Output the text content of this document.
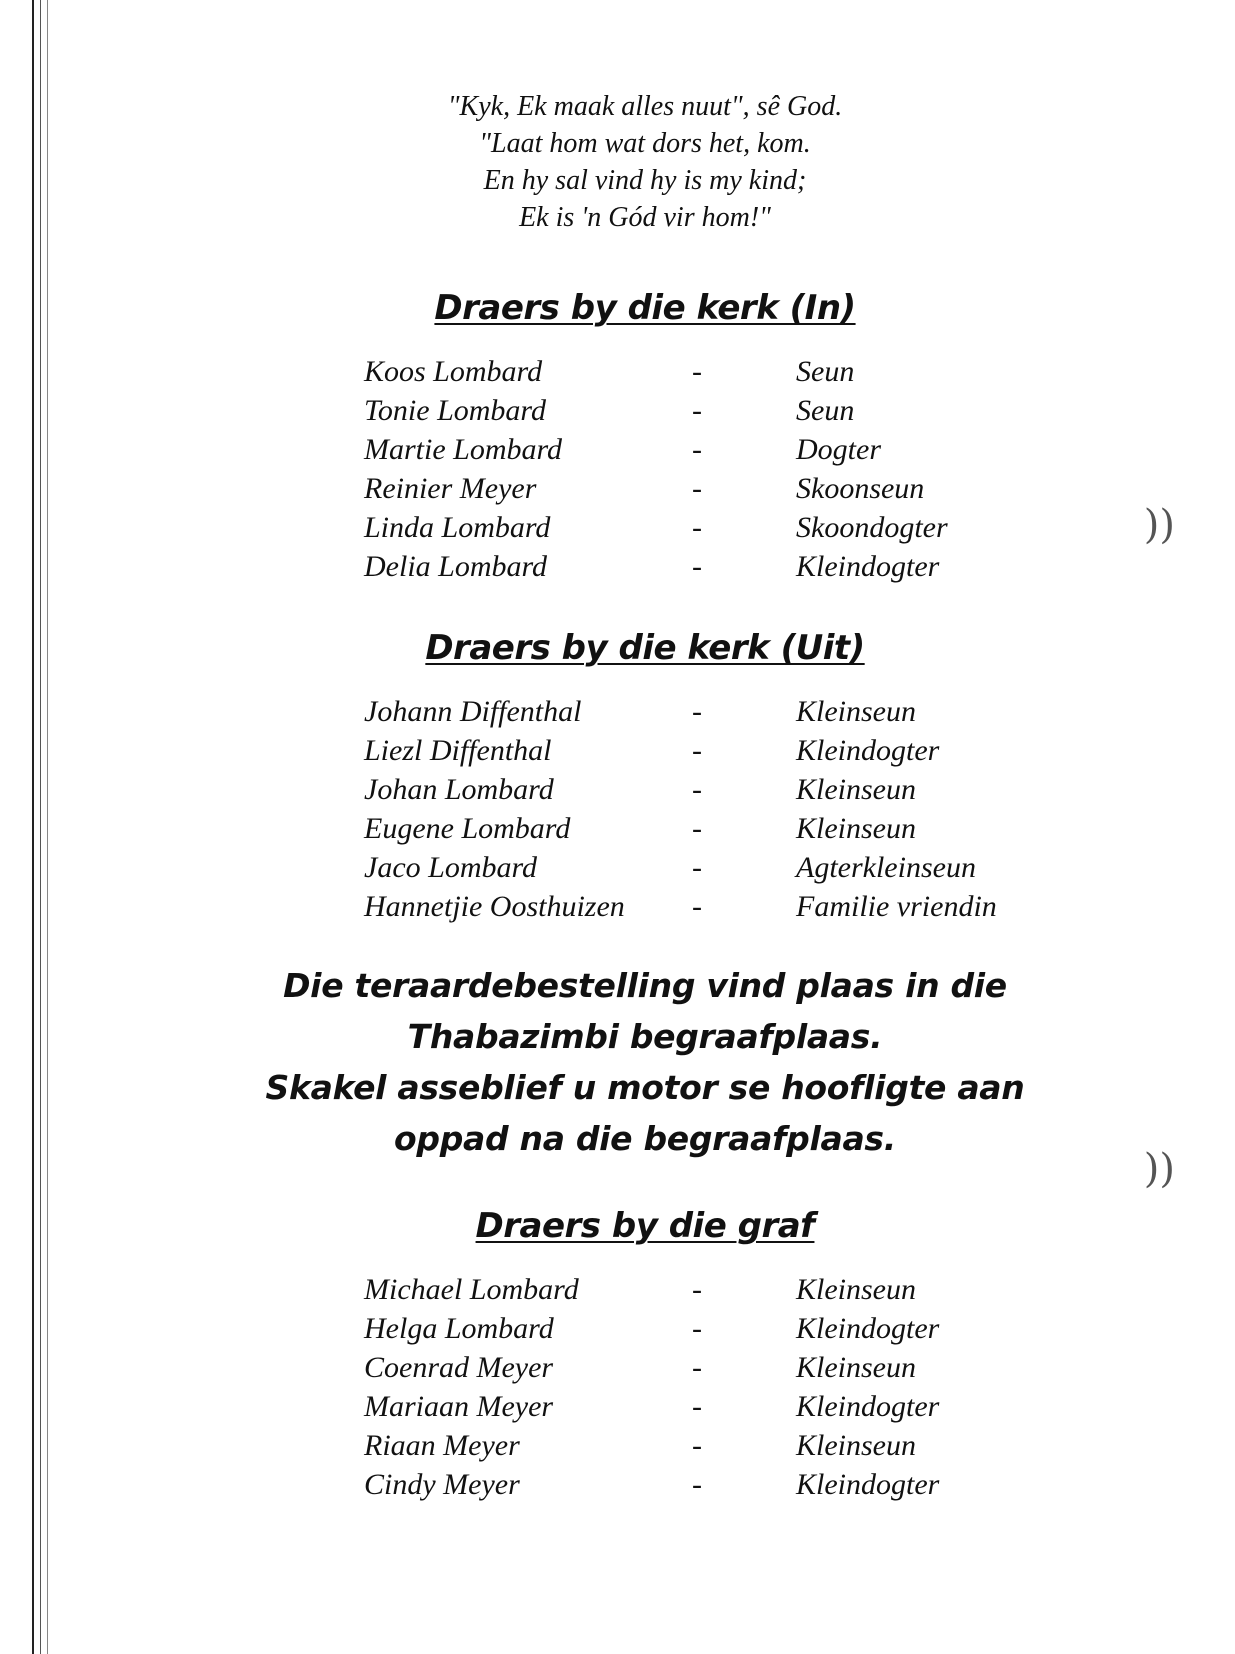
"Kyk, Ek maak alles nuut", sê God.
"Laat hom wat dors het, kom.
En hy sal vind hy is my kind;
Ek is 'n Gód vir hom!"
Draers by die kerk (In)
Koos Lombard	-	Seun
Tonie Lombard	-	Seun
Martie Lombard	-	Dogter
Reinier Meyer	-	Skoonseun
Linda Lombard	-	Skoondogter
Delia Lombard	-	Kleindogter
Draers by die kerk (Uit)
Johann Diffenthal	-	Kleinseun
Liezl Diffenthal	-	Kleindogter
Johan Lombard	-	Kleinseun
Eugene Lombard	-	Kleinseun
Jaco Lombard	-	Agterkleinseun
Hannetjie Oosthuizen -	Familie vriendin
Die teraardebestelling vind plaas in die
Thabazimbi begraafplaas.
Skakel asseblief u motor se hoofligte aan
oppad na die begraafplaas.
Draers by die graf
Michael Lombard	-	Kleinseun
Helga Lombard	-	Kleindogter
Coenrad Meyer	-	Kleinseun
Mariaan Meyer	-	Kleindogter
Riaan Meyer	-	Kleinseun
Cindy Meyer	-	Kleindogter
))
))
